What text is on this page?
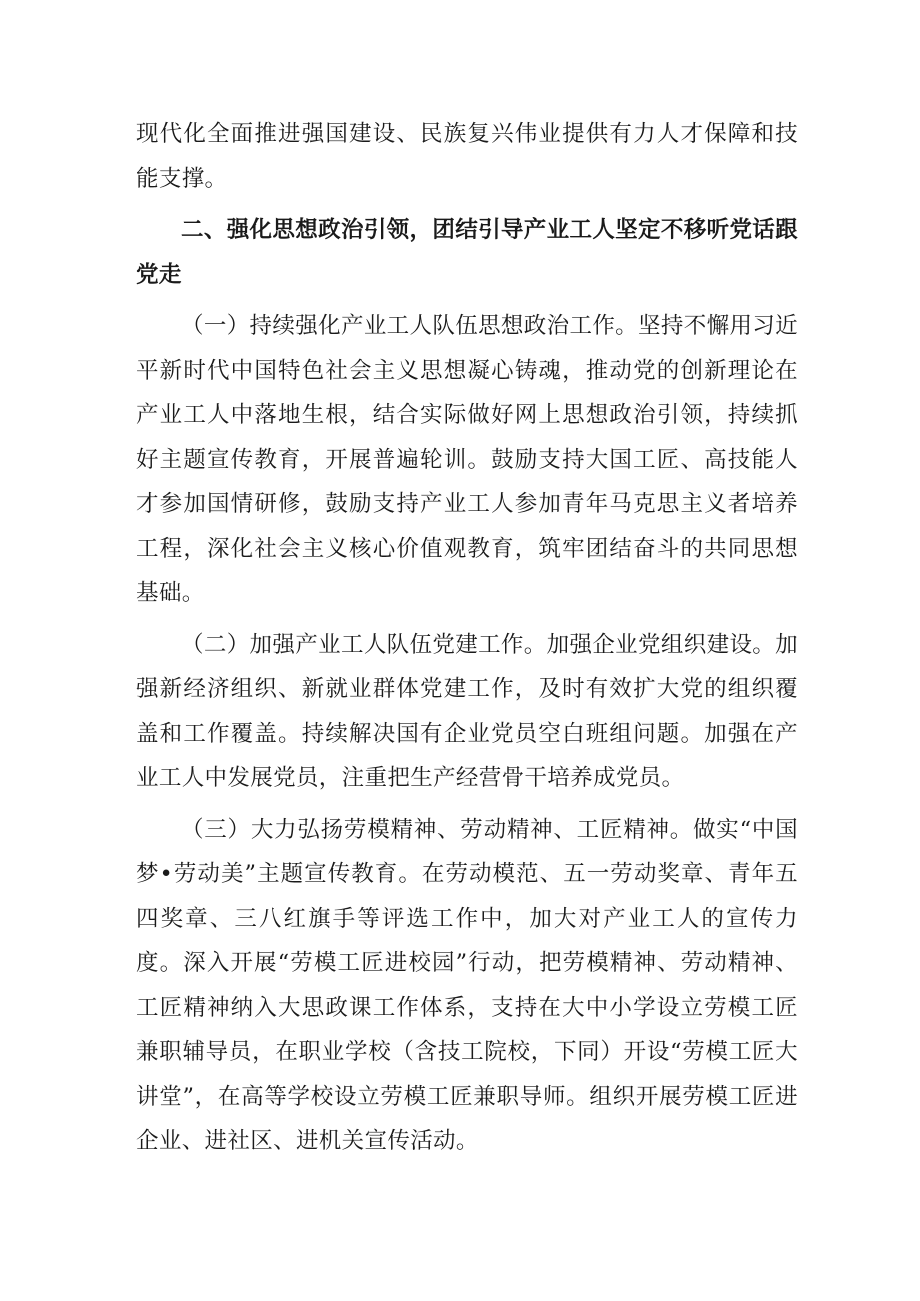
现代化全面推进强国建设、民族复兴伟业提供有力人才保障和技能支撑。

二、强化思想政治引领，团结引导产业工人坚定不移听党话跟党走

（一）持续强化产业工人队伍思想政治工作。坚持不懈用习近平新时代中国特色社会主义思想凝心铸魂，推动党的创新理论在产业工人中落地生根，结合实际做好网上思想政治引领，持续抓好主题宣传教育，开展普遍轮训。鼓励支持大国工匠、高技能人才参加国情研修，鼓励支持产业工人参加青年马克思主义者培养工程，深化社会主义核心价值观教育，筑牢团结奋斗的共同思想基础。

（二）加强产业工人队伍党建工作。加强企业党组织建设。加强新经济组织、新就业群体党建工作，及时有效扩大党的组织覆盖和工作覆盖。持续解决国有企业党员空白班组问题。加强在产业工人中发展党员，注重把生产经营骨干培养成党员。

（三）大力弘扬劳模精神、劳动精神、工匠精神。做实“中国梦•劳动美”主题宣传教育。在劳动模范、五一劳动奖章、青年五四奖章、三八红旗手等评选工作中，加大对产业工人的宣传力度。深入开展“劳模工匠进校园”行动，把劳模精神、劳动精神、工匠精神纳入大思政课工作体系，支持在大中小学设立劳模工匠兼职辅导员，在职业学校（含技工院校，下同）开设“劳模工匠大讲堂”，在高等学校设立劳模工匠兼职导师。组织开展劳模工匠进企业、进社区、进机关宣传活动。
